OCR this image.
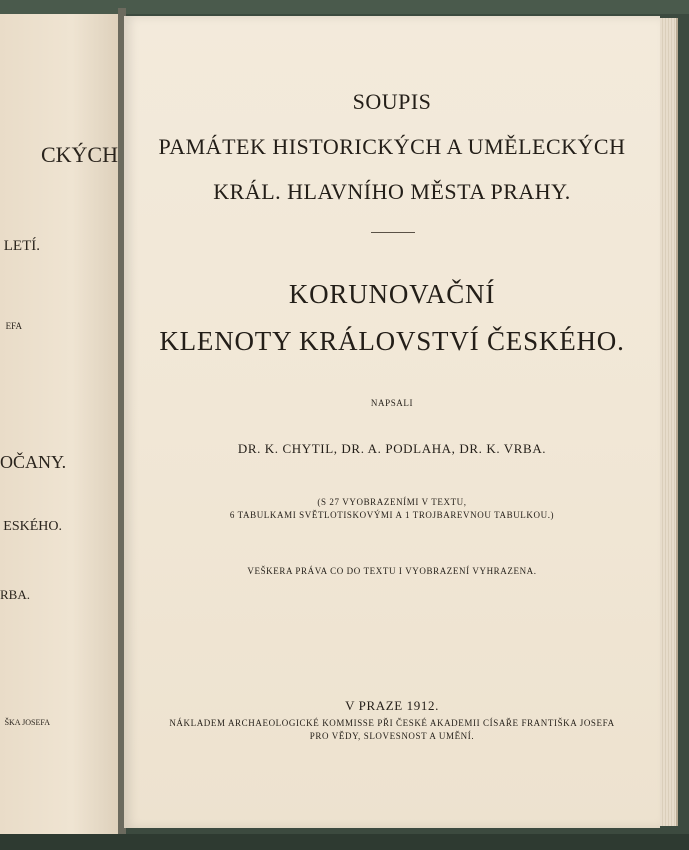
CKÝCH
LETÍ.
EFA
OČANY.
ESKÉHO.
RBA.
ŠKA JOSEFA
SOUPIS
PAMÁTEK HISTORICKÝCH A UMĚLECKÝCH
KRÁL. HLAVNÍHO MĚSTA PRAHY.
KORUNOVAČNÍ
KLENOTY KRÁLOVSTVÍ ČESKÉHO.
NAPSALI
DR. K. CHYTIL, DR. A. PODLAHA, DR. K. VRBA.
(S 27 VYOBRAZENÍMI V TEXTU,
6 TABULKAMI SVĚTLOTISKOVÝMI A 1 TROJBAREVNOU TABULKOU.)
VEŠKERA PRÁVA CO DO TEXTU I VYOBRAZENÍ VYHRAZENA.
V PRAZE 1912.
NÁKLADEM ARCHAEOLOGICKÉ KOMMISSE PŘI ČESKÉ AKADEMII CÍSAŘE FRANTIŠKA JOSEFA
PRO VĚDY, SLOVESNOST A UMĚNÍ.
